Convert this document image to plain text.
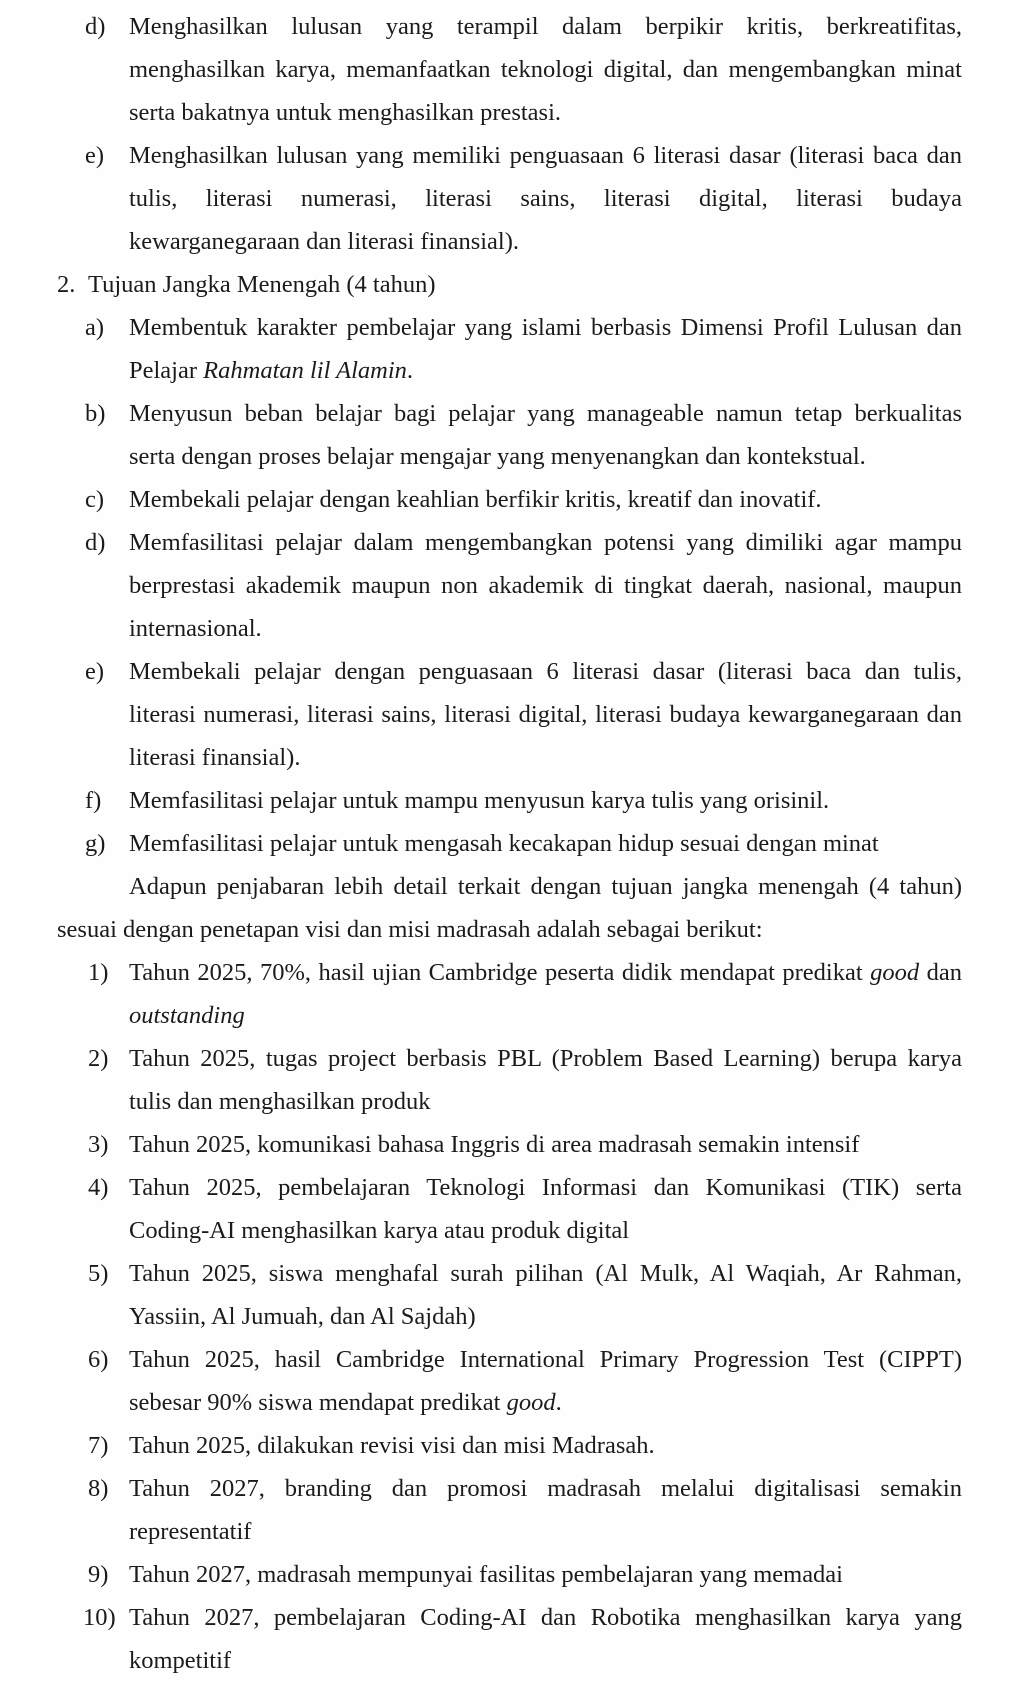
d) Menghasilkan lulusan yang terampil dalam berpikir kritis, berkreatifitas,
menghasilkan karya, memanfaatkan teknologi digital, dan mengembangkan minat
serta bakatnya untuk menghasilkan prestasi.
e)	Menghasilkan lulusan yang memiliki penguasaan 6 literasi dasar (literasi baca dan
tulis, literasi numerasi, literasi sains, literasi digital, literasi budaya
kewarganegaraan dan literasi finansial).
2. Tujuan Jangka Menengah (4 tahun)
a)	Membentuk karakter pembelajar yang islami berbasis Dimensi Profil Lulusan dan
Pelajar Rahmatan lil Alamin.
b) Menyusun beban belajar bagi pelajar yang manageable namun tetap berkualitas
serta dengan proses belajar mengajar yang menyenangkan dan kontekstual.
c)	Membekali pelajar dengan keahlian berfikir kritis, kreatif dan inovatif.
d) Memfasilitasi pelajar dalam mengembangkan potensi yang dimiliki agar mampu
berprestasi akademik maupun non akademik di tingkat daerah, nasional, maupun
internasional.
e)	Membekali pelajar dengan penguasaan 6 literasi dasar (literasi baca dan tulis,
literasi numerasi, literasi sains, literasi digital, literasi budaya kewarganegaraan dan
literasi finansial).
f)	Memfasilitasi pelajar untuk mampu menyusun karya tulis yang orisinil.
g) Memfasilitasi pelajar untuk mengasah kecakapan hidup sesuai dengan minat
Adapun penjabaran lebih detail terkait dengan tujuan jangka menengah (4 tahun)
sesuai dengan penetapan visi dan misi madrasah adalah sebagai berikut:
1) Tahun 2025, 70%, hasil ujian Cambridge peserta didik mendapat predikat good dan
outstanding
2) Tahun 2025, tugas project berbasis PBL (Problem Based Learning) berupa karya
tulis dan menghasilkan produk
3) Tahun 2025, komunikasi bahasa Inggris di area madrasah semakin intensif
4) Tahun 2025, pembelajaran Teknologi Informasi dan Komunikasi (TIK) serta
Coding-AI menghasilkan karya atau produk digital
5) Tahun 2025, siswa menghafal surah pilihan (Al Mulk, Al Waqiah, Ar Rahman,
Yassiin, Al Jumuah, dan Al Sajdah)
6) Tahun 2025, hasil Cambridge International Primary Progression Test (CIPPT)
sebesar 90% siswa mendapat predikat good.
7) Tahun 2025, dilakukan revisi visi dan misi Madrasah.
8) Tahun 2027, branding dan promosi madrasah melalui digitalisasi semakin
representatif
9) Tahun 2027, madrasah mempunyai fasilitas pembelajaran yang memadai
10) Tahun 2027, pembelajaran Coding-AI dan Robotika menghasilkan karya yang
kompetitif
